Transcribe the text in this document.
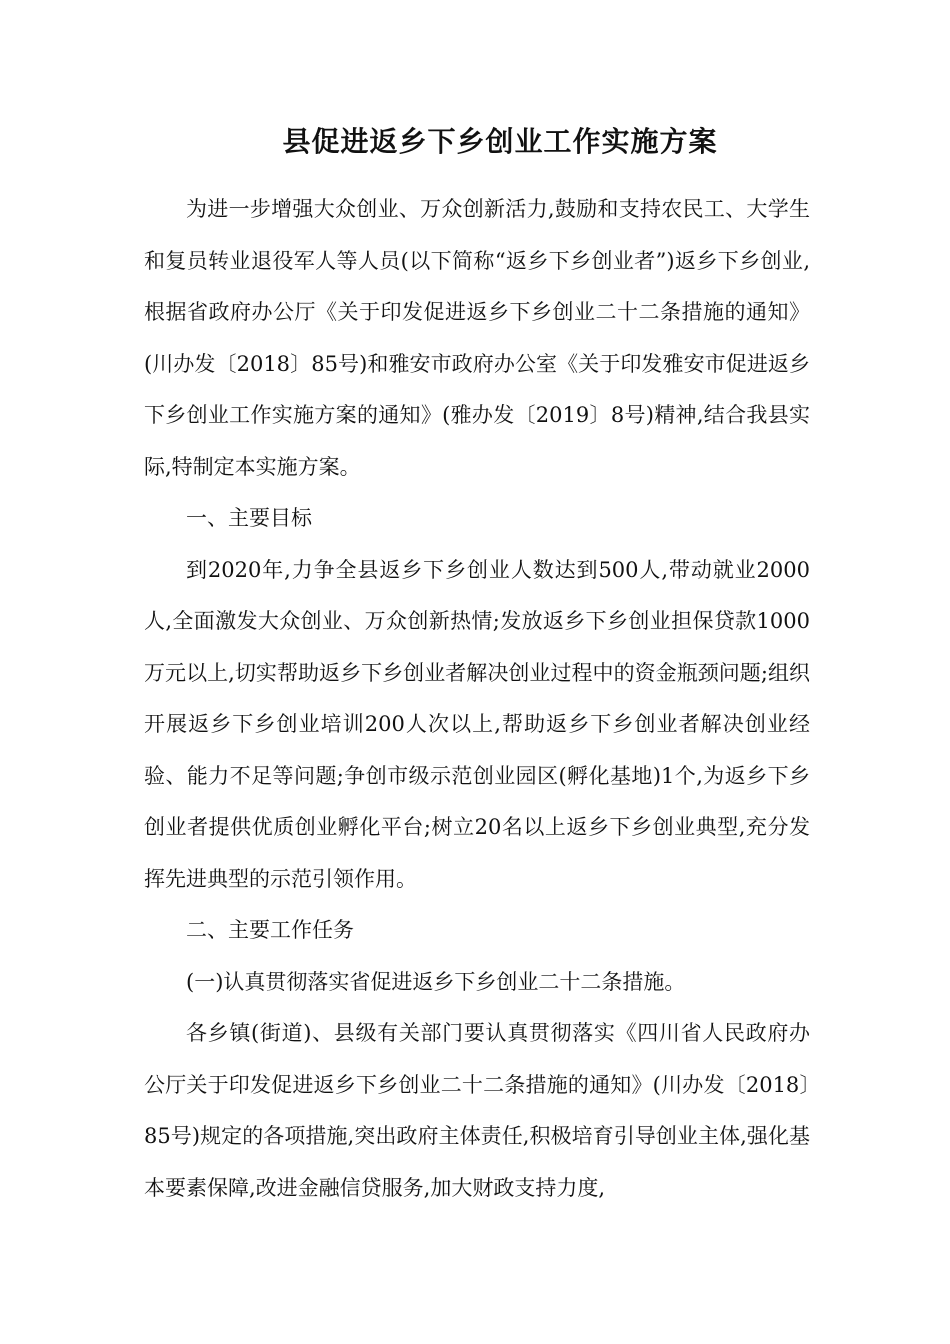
县促进返乡下乡创业工作实施方案

为进一步增强大众创业、万众创新活力,鼓励和支持农民工、大学生和复员转业退役军人等人员(以下简称“返乡下乡创业者”)返乡下乡创业,根据省政府办公厅《关于印发促进返乡下乡创业二十二条措施的通知》(川办发〔2018〕85号)和雅安市政府办公室《关于印发雅安市促进返乡下乡创业工作实施方案的通知》(雅办发〔2019〕8号)精神,结合我县实际,特制定本实施方案。

一、主要目标

到2020年,力争全县返乡下乡创业人数达到500人,带动就业2000人,全面激发大众创业、万众创新热情;发放返乡下乡创业担保贷款1000万元以上,切实帮助返乡下乡创业者解决创业过程中的资金瓶颈问题;组织开展返乡下乡创业培训200人次以上,帮助返乡下乡创业者解决创业经验、能力不足等问题;争创市级示范创业园区(孵化基地)1个,为返乡下乡创业者提供优质创业孵化平台;树立20名以上返乡下乡创业典型,充分发挥先进典型的示范引领作用。

二、主要工作任务

(一)认真贯彻落实省促进返乡下乡创业二十二条措施。

各乡镇(街道)、县级有关部门要认真贯彻落实《四川省人民政府办公厅关于印发促进返乡下乡创业二十二条措施的通知》(川办发〔2018〕85号)规定的各项措施,突出政府主体责任,积极培育引导创业主体,强化基本要素保障,改进金融信贷服务,加大财政支持力度,
